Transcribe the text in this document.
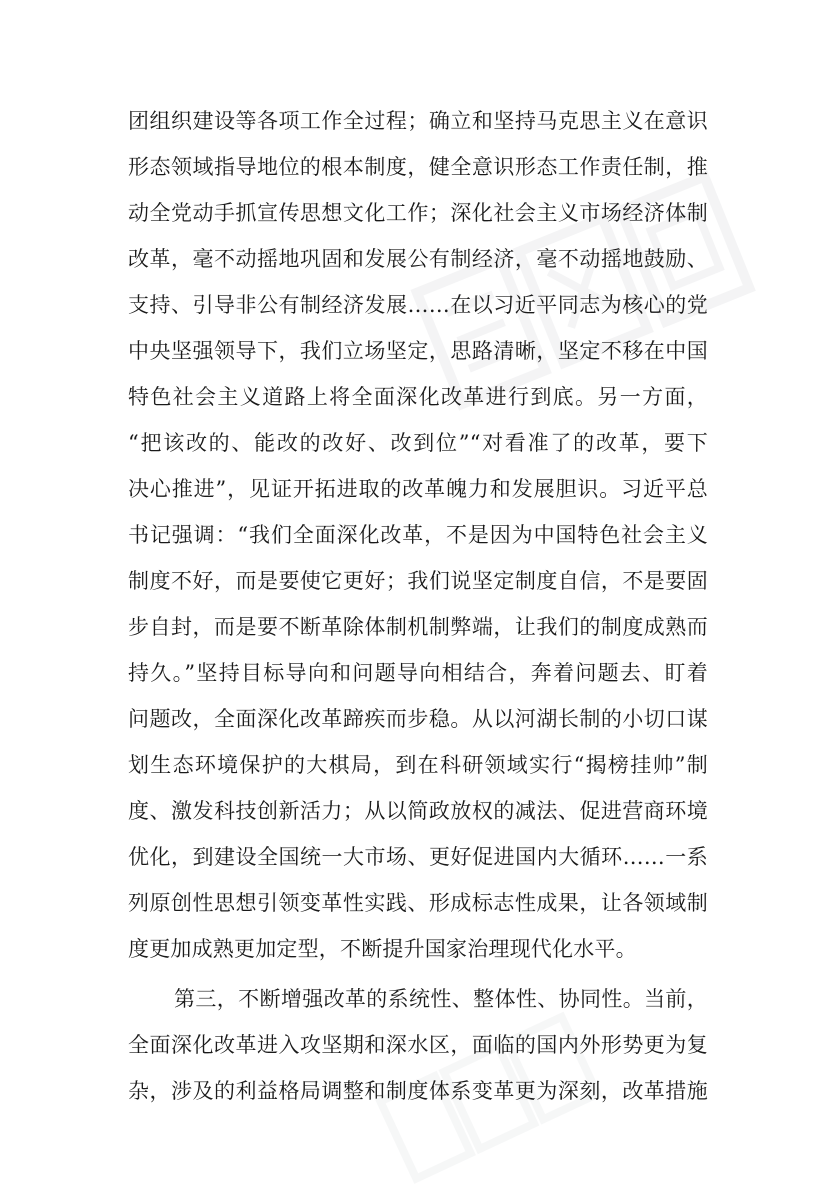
团组织建设等各项工作全过程；确立和坚持马克思主义在意识
形态领域指导地位的根本制度，健全意识形态工作责任制，推
动全党动手抓宣传思想文化工作；深化社会主义市场经济体制
改革，毫不动摇地巩固和发展公有制经济，毫不动摇地鼓励、
支持、引导非公有制经济发展……在以习近平同志为核心的党
中央坚强领导下，我们立场坚定，思路清晰，坚定不移在中国
特色社会主义道路上将全面深化改革进行到底。另一方面，
“把该改的、能改的改好、改到位”“对看准了的改革，要下
决心推进”，见证开拓进取的改革魄力和发展胆识。习近平总
书记强调：“我们全面深化改革，不是因为中国特色社会主义
制度不好，而是要使它更好；我们说坚定制度自信，不是要固
步自封，而是要不断革除体制机制弊端，让我们的制度成熟而
持久。”坚持目标导向和问题导向相结合，奔着问题去、盯着
问题改，全面深化改革蹄疾而步稳。从以河湖长制的小切口谋
划生态环境保护的大棋局，到在科研领域实行“揭榜挂帅”制
度、激发科技创新活力；从以简政放权的减法、促进营商环境
优化，到建设全国统一大市场、更好促进国内大循环……一系
列原创性思想引领变革性实践、形成标志性成果，让各领域制
度更加成熟更加定型，不断提升国家治理现代化水平。
第三，不断增强改革的系统性、整体性、协同性。当前，
全面深化改革进入攻坚期和深水区，面临的国内外形势更为复
杂，涉及的利益格局调整和制度体系变革更为深刻，改革措施
